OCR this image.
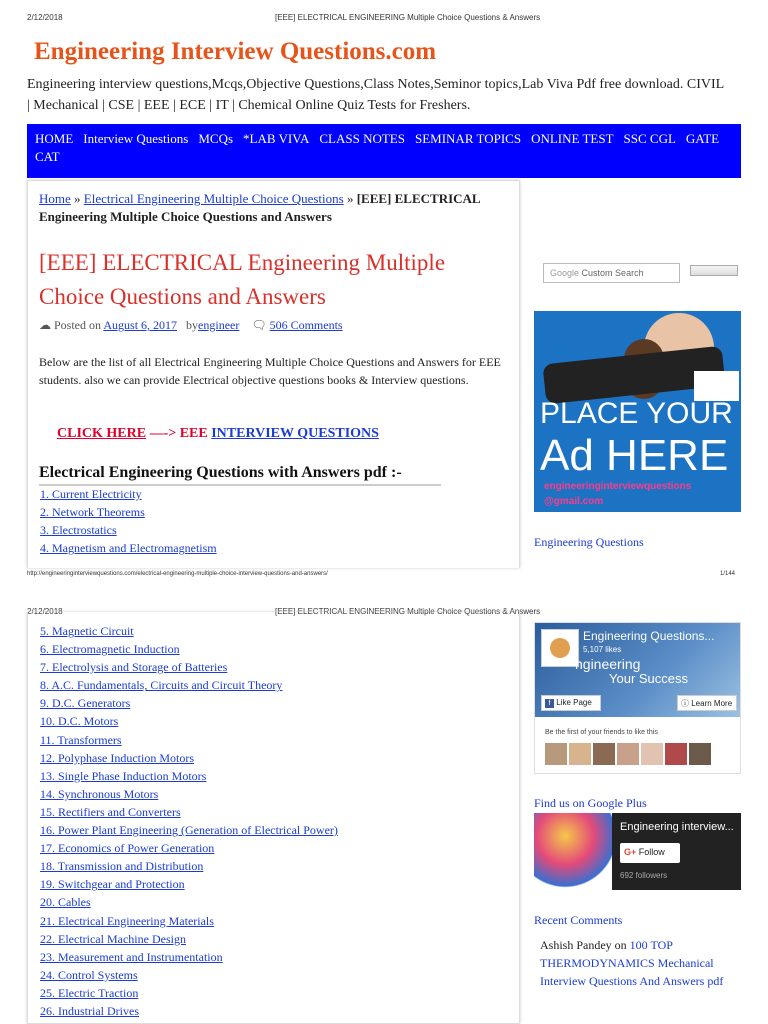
2/12/2018	[EEE] ELECTRICAL ENGINEERING Multiple Choice Questions & Answers
Engineering Interview Questions.com
Engineering interview questions,Mcqs,Objective Questions,Class Notes,Seminor topics,Lab Viva Pdf free download. CIVIL | Mechanical | CSE | EEE | ECE | IT | Chemical Online Quiz Tests for Freshers.
HOME Interview Questions MCQs *LAB VIVA CLASS NOTES SEMINAR TOPICS ONLINE TEST SSC CGL GATECAT
Home » Electrical Engineering Multiple Choice Questions » [EEE] ELECTRICAL Engineering Multiple Choice Questions and Answers
[EEE] ELECTRICAL Engineering Multiple Choice Questions and Answers
☁ Posted on August 6, 2017 byengineer 🗨 506 Comments
Below are the list of all Electrical Engineering Multiple Choice Questions and Answers for EEE students. also we can provide Electrical objective questions books & Interview questions.
CLICK HERE —-> EEE INTERVIEW QUESTIONS
Electrical Engineering Questions with Answers pdf :-
1. Current Electricity
2. Network Theorems
3. Electrostatics
4. Magnetism and Electromagnetism
Google Custom Search
PLACE YOUR
Ad HERE
engineeringinterviewquestions
@gmail.com
Engineering Questions
http://engineeringinterviewquestions.com/electrical-engineering-multiple-choice-interview-questions-and-answers/	1/144
2/12/2018	[EEE] ELECTRICAL ENGINEERING Multiple Choice Questions & Answers
5. Magnetic Circuit
6. Electromagnetic Induction
7. Electrolysis and Storage of Batteries
8. A.C. Fundamentals, Circuits and Circuit Theory
9. D.C. Generators
10. D.C. Motors
11. Transformers
12. Polyphase Induction Motors
13. Single Phase Induction Motors
14. Synchronous Motors
15. Rectifiers and Converters
16. Power Plant Engineering (Generation of Electrical Power)
17. Economics of Power Generation
18. Transmission and Distribution
19. Switchgear and Protection
20. Cables
21. Electrical Engineering Materials
22. Electrical Machine Design
23. Measurement and Instrumentation
24. Control Systems
25. Electric Traction
26. Industrial Drives
Engineering Questions...
5,107 likes
ngineering
Your Success
f Like Page	ⓘ Learn More
Be the first of your friends to like this
Find us on Google Plus
Engineering interview...
G+ Follow
692 followers
Recent Comments
Ashish Pandey on 100 TOP THERMODYNAMICS Mechanical Interview Questions And Answers pdf
